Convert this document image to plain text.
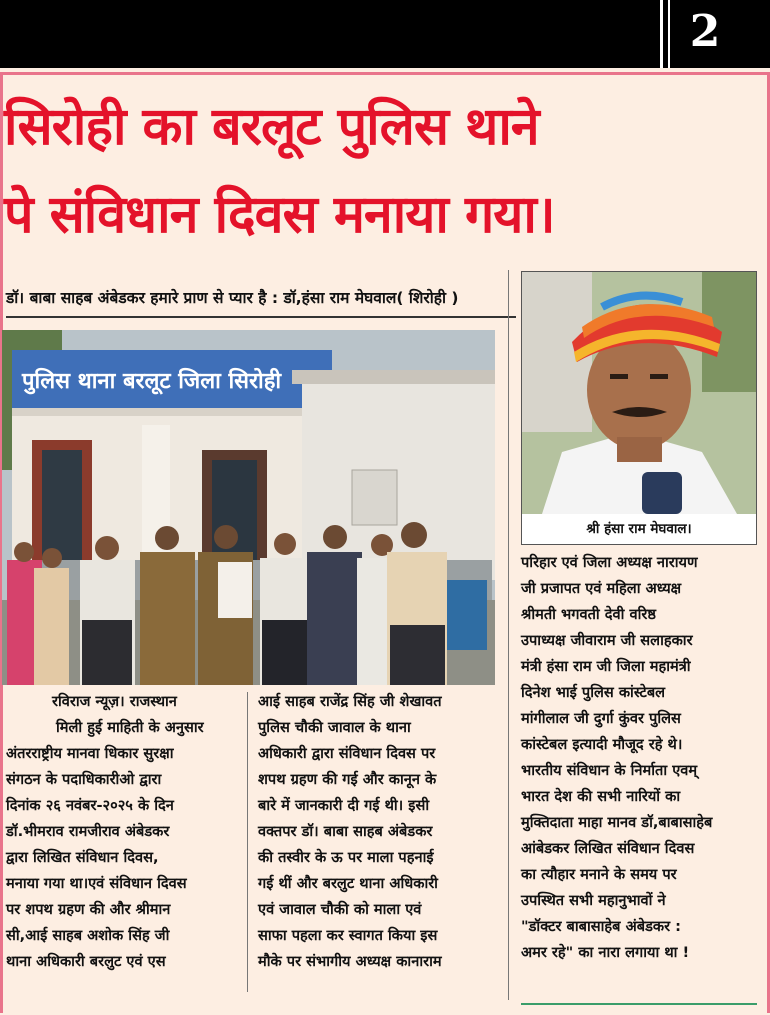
2
सिरोही का बरलूट पुलिस थाने
पे संविधान दिवस मनाया गया।
डॉ। बाबा साहब अंबेडकर हमारे प्राण से प्यार है : डॉ,हंसा राम मेघवाल( शिरोही )
पुलिस थाना बरलूट जिला सिरोही
श्री हंसा राम मेघवाल।

रविराज न्यूज़। राजस्थान

मिली हुई माहिती के अनुसार

अंतरराष्ट्रीय मानवा धिकार सुरक्षा

संगठन के पदाधिकारीओ द्वारा

दिनांक २६ नवंबर-२०२५ के दिन

डॉ.भीमराव रामजीराव अंबेडकर

द्वारा लिखित संविधान दिवस,

मनाया गया था।एवं संविधान दिवस

पर शपथ ग्रहण की और श्रीमान

सी,आई साहब अशोक सिंह जी

थाना अधिकारी बरलुट एवं एस

आई साहब राजेंद्र सिंह जी शेखावत

पुलिस चौकी जावाल के थाना

अधिकारी द्वारा संविधान दिवस पर

शपथ ग्रहण की गई और कानून के

बारे में जानकारी दी गई थी। इसी

वक्तपर डॉ। बाबा साहब अंबेडकर

की तस्वीर के ऊ पर माला पहनाई

गई थीं और बरलुट थाना अधिकारी

एवं जावाल चौकी को माला एवं

साफा पहला कर स्वागत किया इस

मौके पर संभागीय अध्यक्ष कानाराम

परिहार एवं जिला अध्यक्ष नारायण

जी प्रजापत एवं महिला अध्यक्ष

श्रीमती भगवती देवी वरिष्ठ

उपाध्यक्ष जीवाराम जी सलाहकार

मंत्री हंसा राम जी जिला महामंत्री

दिनेश भाई पुलिस कांस्टेबल

मांगीलाल जी दुर्गा कुंवर पुलिस

कांस्टेबल इत्यादी मौजूद रहे थे।

भारतीय संविधान के निर्माता एवम्

भारत देश की सभी नारियों का

मुक्तिदाता माहा मानव डॉ,बाबासाहेब

आंबेडकर लिखित संविधान दिवस

का त्यौहार मनाने के समय पर

उपस्थित सभी महानुभावों ने

"डॉक्टर बाबासाहेब अंबेडकर :

अमर रहे" का नारा लगाया था !
